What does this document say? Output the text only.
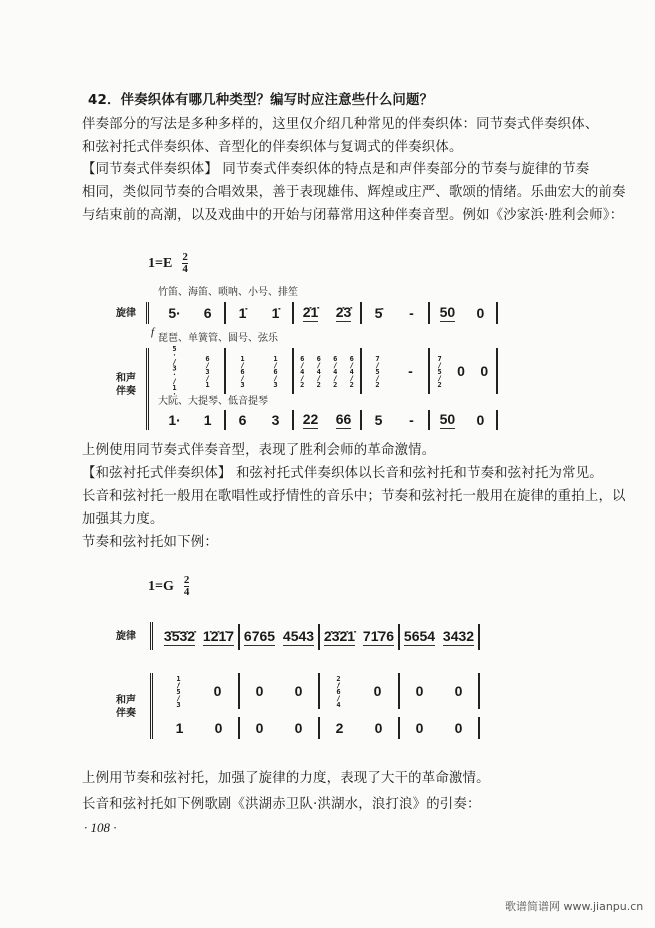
42．伴奏织体有哪几种类型？编写时应注意些什么问题？
伴奏部分的写法是多种多样的，这里仅介绍几种常见的伴奏织体：同节奏式伴奏织体、
和弦衬托式伴奏织体、音型化的伴奏织体与复调式的伴奏织体。
【同节奏式伴奏织体】 同节奏式伴奏织体的特点是和声伴奏部分的节奏与旋律的节奏
相同，类似同节奏的合唱效果，善于表现雄伟、辉煌或庄严、歌颂的情绪。乐曲宏大的前奏
与结束前的高潮，以及戏曲中的开始与闭幕常用这种伴奏音型。例如《沙家浜·胜利会师》：
$1=E \frac{2}{4}$
竹笛、海笛、唢呐、小号、排笙
琵琶、单簧管、圆号、弦乐
大阮、大提琴、低音提琴
旋律
和声伴奏
f
5· 6 1̇ 1̇ 2̇1̇ 2̇3̇ 5̇ - 50 0
5·/3·/1·	6/3/1	1/6/3	1/6/3	6/4/2 6/4/2 6/4/2 6/4/2	7/5/2 -	7/5/2 0 0
1· 1 6 3 22 66 5 - 50 0
上例使用同节奏式伴奏音型，表现了胜利会师的革命激情。
【和弦衬托式伴奏织体】 和弦衬托式伴奏织体以长音和弦衬托和节奏和弦衬托为常见。
长音和弦衬托一般用在歌唱性或抒情性的音乐中；节奏和弦衬托一般用在旋律的重拍上，以
加强其力度。
节奏和弦衬托如下例：
$1=G \frac{2}{4}$
旋律
和声伴奏
3̇5̇3̇2̇ 1̇2̇1̇7 6765 4543 2̇3̇2̇1̇ 71̇76 5654 3432
1̇/5/3 0 0 0	2̇/6/4 0 0 0
1 0 0 0 2 0 0 0
上例用节奏和弦衬托，加强了旋律的力度，表现了大干的革命激情。
长音和弦衬托如下例歌剧《洪湖赤卫队·洪湖水，浪打浪》的引奏：
· 108 ·
歌谱简谱网 www.jianpu.cn
